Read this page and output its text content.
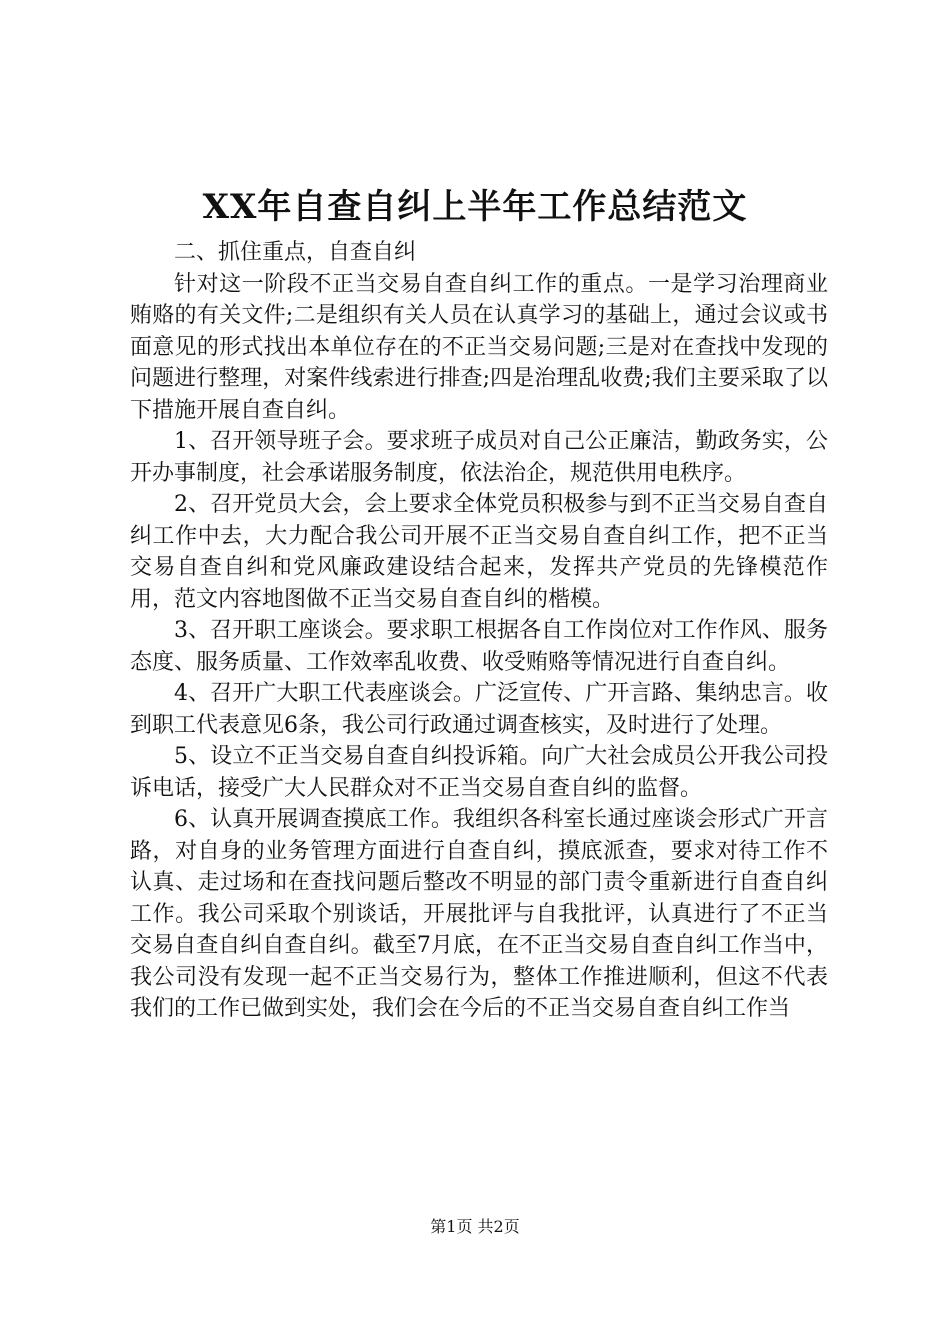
XX年自查自纠上半年工作总结范文

二、抓住重点，自查自纠

针对这一阶段不正当交易自查自纠工作的重点。一是学习治理商业贿赂的有关文件;二是组织有关人员在认真学习的基础上，通过会议或书面意见的形式找出本单位存在的不正当交易问题;三是对在查找中发现的问题进行整理，对案件线索进行排查;四是治理乱收费;我们主要采取了以下措施开展自查自纠。

1、召开领导班子会。要求班子成员对自己公正廉洁，勤政务实，公开办事制度，社会承诺服务制度，依法治企，规范供用电秩序。

2、召开党员大会，会上要求全体党员积极参与到不正当交易自查自纠工作中去，大力配合我公司开展不正当交易自查自纠工作，把不正当交易自查自纠和党风廉政建设结合起来，发挥共产党员的先锋模范作用，范文内容地图做不正当交易自查自纠的楷模。

3、召开职工座谈会。要求职工根据各自工作岗位对工作作风、服务态度、服务质量、工作效率乱收费、收受贿赂等情况进行自查自纠。

4、召开广大职工代表座谈会。广泛宣传、广开言路、集纳忠言。收到职工代表意见6条，我公司行政通过调查核实，及时进行了处理。

5、设立不正当交易自查自纠投诉箱。向广大社会成员公开我公司投诉电话，接受广大人民群众对不正当交易自查自纠的监督。

6、认真开展调查摸底工作。我组织各科室长通过座谈会形式广开言路，对自身的业务管理方面进行自查自纠，摸底派查，要求对待工作不认真、走过场和在查找问题后整改不明显的部门责令重新进行自查自纠工作。我公司采取个别谈话，开展批评与自我批评，认真进行了不正当交易自查自纠自查自纠。截至7月底，在不正当交易自查自纠工作当中，我公司没有发现一起不正当交易行为，整体工作推进顺利，但这不代表我们的工作已做到实处，我们会在今后的不正当交易自查自纠工作当

第1页 共2页
